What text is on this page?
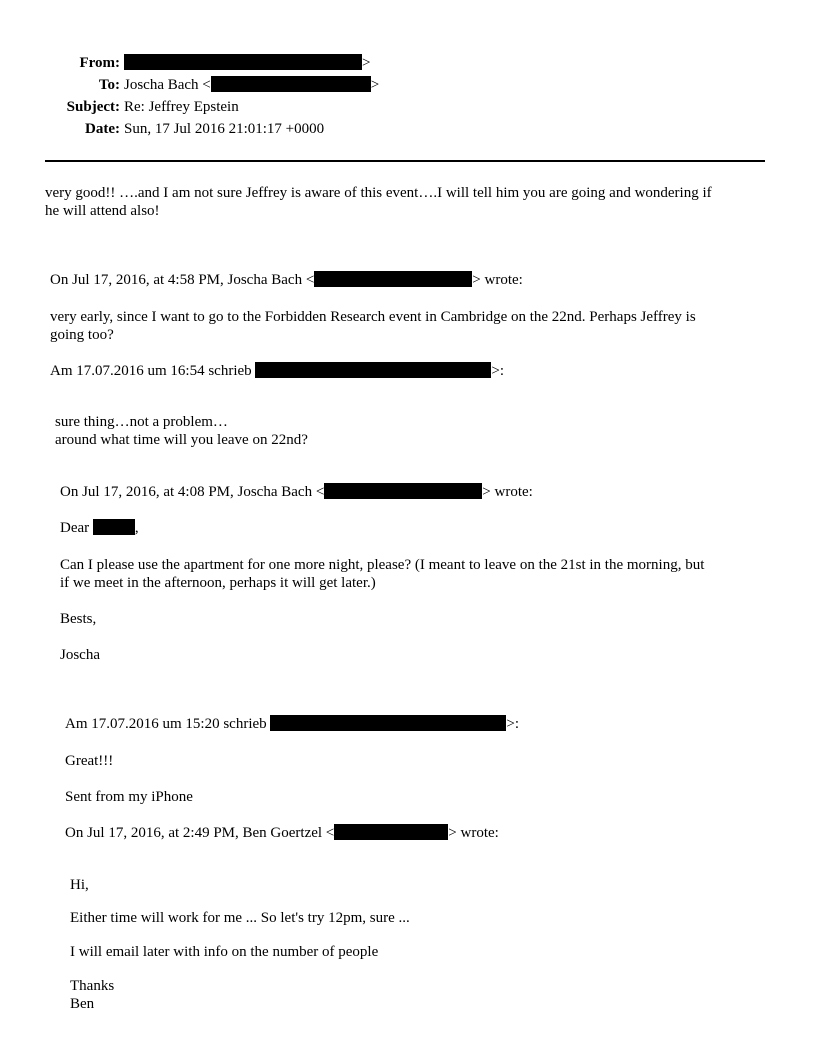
From:	>
To: Joscha Bach <	>
Subject: Re: Jeffrey Epstein
Date: Sun, 17 Jul 2016 21:01:17 +0000
very good!! ….and I am not sure Jeffrey is aware of this event….I will tell him you are going and wondering if
he will attend also!
On Jul 17, 2016, at 4:58 PM, Joscha Bach <	> wrote:
very early, since I want to go to the Forbidden Research event in Cambridge on the 22nd. Perhaps Jeffrey is
going too?
Am 17.07.2016 um 16:54 schrieb	>:
sure thing…not a problem…
around what time will you leave on 22nd?
On Jul 17, 2016, at 4:08 PM, Joscha Bach <	> wrote:
Dear	,
Can I please use the apartment for one more night, please? (I meant to leave on the 21st in the morning, but
if we meet in the afternoon, perhaps it will get later.)
Bests,
Joscha
Am 17.07.2016 um 15:20 schrieb	>:
Great!!!
Sent from my iPhone
On Jul 17, 2016, at 2:49 PM, Ben Goertzel <	> wrote:
Hi,
Either time will work for me ... So let's try 12pm, sure ...
I will email later with info on the number of people
Thanks
Ben
